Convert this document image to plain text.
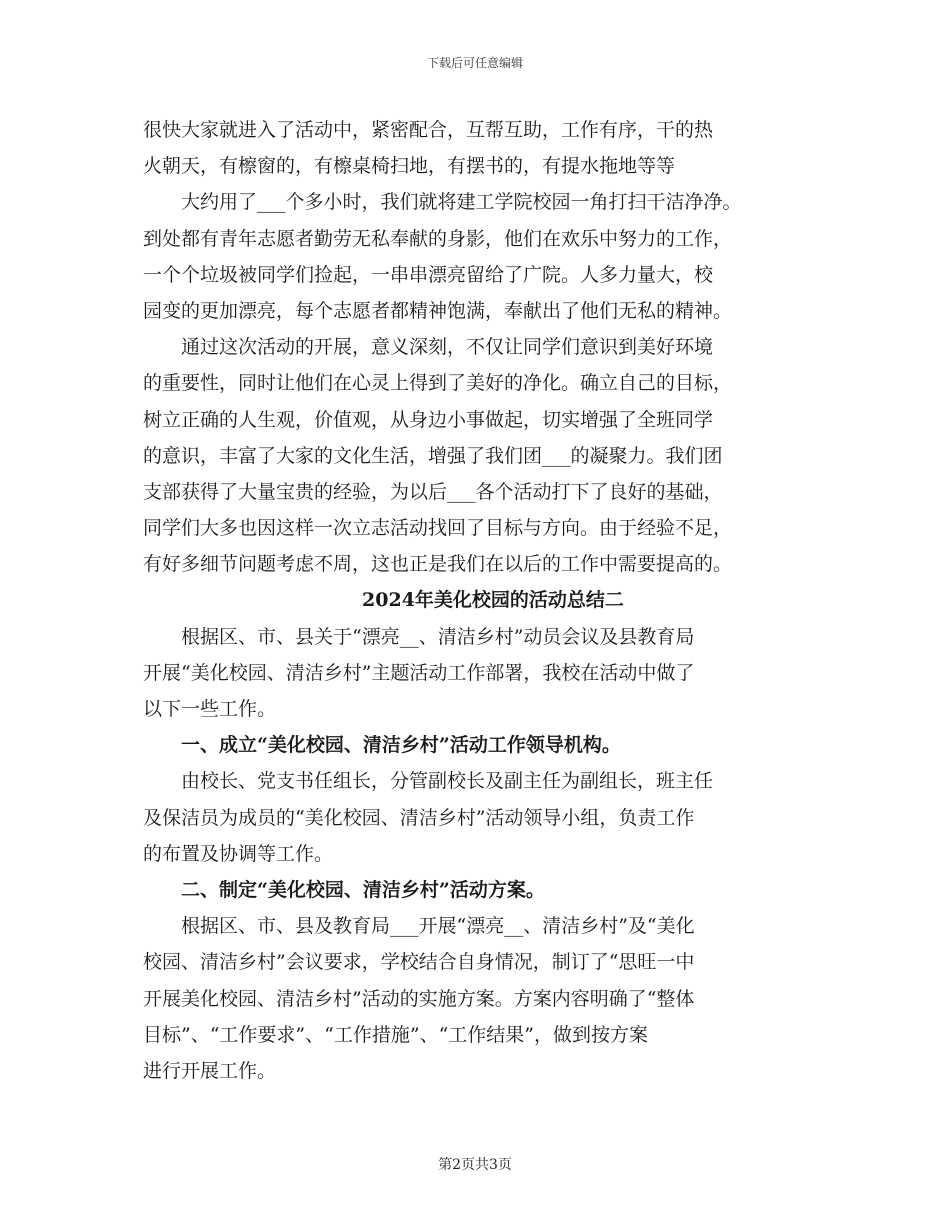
下载后可任意编辑
很快大家就进入了活动中，紧密配合，互帮互助，工作有序，干的热
火朝天，有檫窗的，有檫桌椅扫地，有摆书的，有提水拖地等等
大约用了___个多小时，我们就将建工学院校园一角打扫干洁净净。
到处都有青年志愿者勤劳无私奉献的身影，他们在欢乐中努力的工作，
一个个垃圾被同学们捡起，一串串漂亮留给了广院。人多力量大，校
园变的更加漂亮，每个志愿者都精神饱满，奉献出了他们无私的精神。
通过这次活动的开展，意义深刻，不仅让同学们意识到美好环境
的重要性，同时让他们在心灵上得到了美好的净化。确立自己的目标，
树立正确的人生观，价值观，从身边小事做起，切实增强了全班同学
的意识，丰富了大家的文化生活，增强了我们团___的凝聚力。我们团
支部获得了大量宝贵的经验，为以后___各个活动打下了良好的基础，
同学们大多也因这样一次立志活动找回了目标与方向。由于经验不足，
有好多细节问题考虑不周，这也正是我们在以后的工作中需要提高的。
2024年美化校园的活动总结二
根据区、市、县关于“漂亮__、清洁乡村”动员会议及县教育局
开展“美化校园、清洁乡村”主题活动工作部署，我校在活动中做了
以下一些工作。
一、成立“美化校园、清洁乡村”活动工作领导机构。
由校长、党支书任组长，分管副校长及副主任为副组长，班主任
及保洁员为成员的“美化校园、清洁乡村”活动领导小组，负责工作
的布置及协调等工作。
二、制定“美化校园、清洁乡村”活动方案。
根据区、市、县及教育局___开展“漂亮__、清洁乡村”及“美化
校园、清洁乡村”会议要求，学校结合自身情况，制订了“思旺一中
开展美化校园、清洁乡村”活动的实施方案。方案内容明确了“整体
目标”、“工作要求”、“工作措施”、“工作结果”，做到按方案
进行开展工作。
第2页共3页
